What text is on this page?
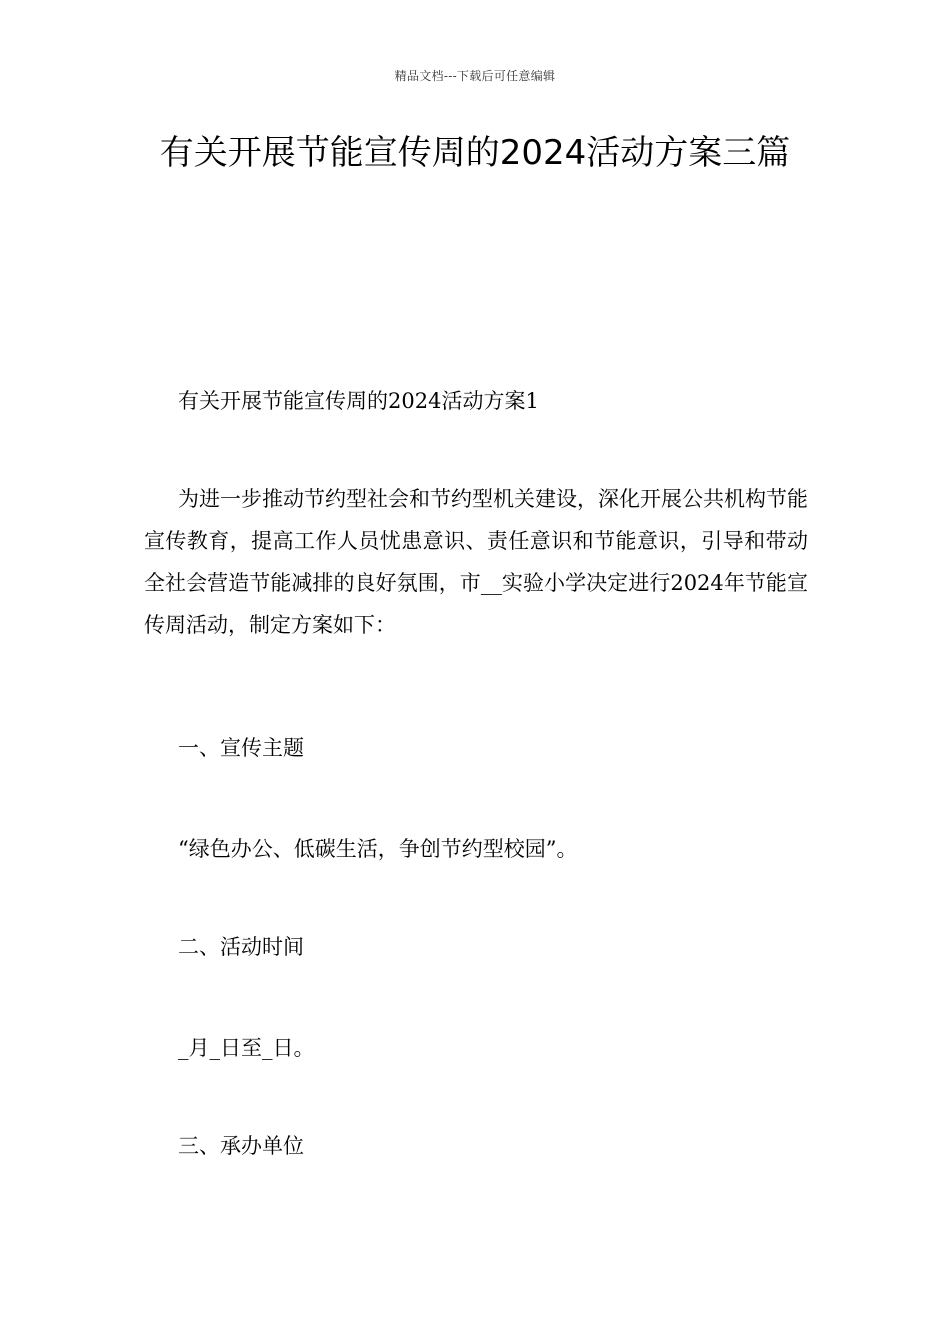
精品文档---下载后可任意编辑
有关开展节能宣传周的2024活动方案三篇

有关开展节能宣传周的2024活动方案1

为进一步推动节约型社会和节约型机关建设，深化开展公共机构节能宣传教育，提高工作人员忧患意识、责任意识和节能意识，引导和带动全社会营造节能减排的良好氛围，市__实验小学决定进行2024年节能宣传周活动，制定方案如下：

一、宣传主题

“绿色办公、低碳生活，争创节约型校园”。

二、活动时间

_月_日至_日。

三、承办单位
